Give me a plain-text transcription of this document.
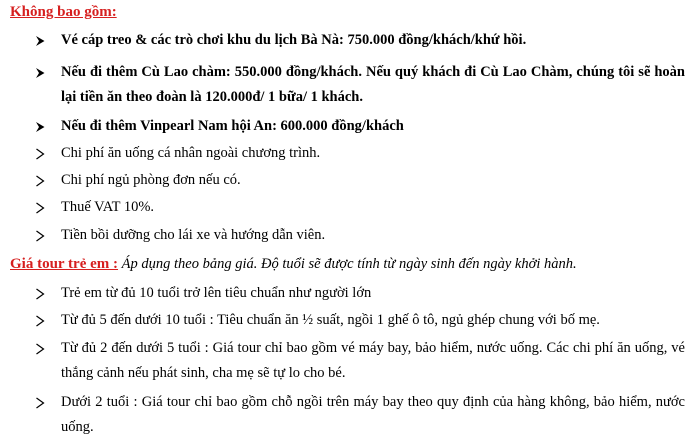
Không bao gồm:
Vé cáp treo & các trò chơi khu du lịch Bà Nà: 750.000 đồng/khách/khứ hồi.
Nếu đi thêm Cù Lao chàm: 550.000 đồng/khách. Nếu quý khách đi Cù Lao Chàm, chúng tôi sẽ hoàn lại tiền ăn theo đoàn là 120.000đ/ 1 bữa/ 1 khách.
Nếu đi thêm Vinpearl Nam hội An: 600.000 đồng/khách
Chi phí ăn uống cá nhân ngoài chương trình.
Chi phí ngủ phòng đơn nếu có.
Thuế VAT 10%.
Tiền bồi dưỡng cho lái xe và hướng dẫn viên.
Giá tour trẻ em : Áp dụng theo bảng giá. Độ tuổi sẽ được tính từ ngày sinh đến ngày khởi hành.
Trẻ em từ đủ 10 tuổi trở lên tiêu chuẩn như người lớn
Từ đủ 5 đến dưới 10 tuổi : Tiêu chuẩn ăn ½ suất, ngồi 1 ghế ô tô, ngủ ghép chung với bố mẹ.
Từ đủ 2 đến dưới 5 tuổi : Giá tour chỉ bao gồm vé máy bay, bảo hiểm, nước uống. Các chi phí ăn uống, vé thắng cảnh nếu phát sinh, cha mẹ sẽ tự lo cho bé.
Dưới 2 tuổi : Giá tour chỉ bao gồm chỗ ngồi trên máy bay theo quy định của hàng không, bảo hiểm, nước uống.
